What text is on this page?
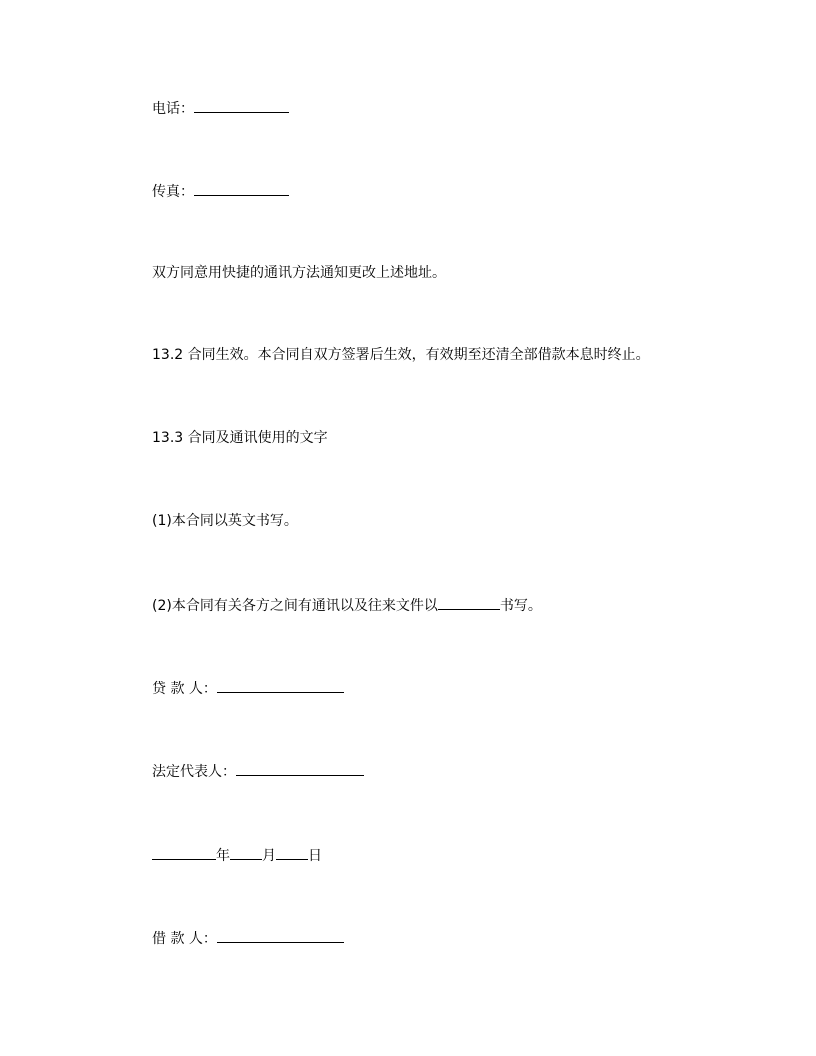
电话：
传真：
双方同意用快捷的通讯方法通知更改上述地址。
13.2 合同生效。本合同自双方签署后生效，有效期至还清全部借款本息时终止。
13.3 合同及通讯使用的文字
(1)本合同以英文书写。
(2)本合同有关各方之间有通讯以及往来文件以	书写。
贷 款 人：
法定代表人：
年 月 日
借 款 人：
